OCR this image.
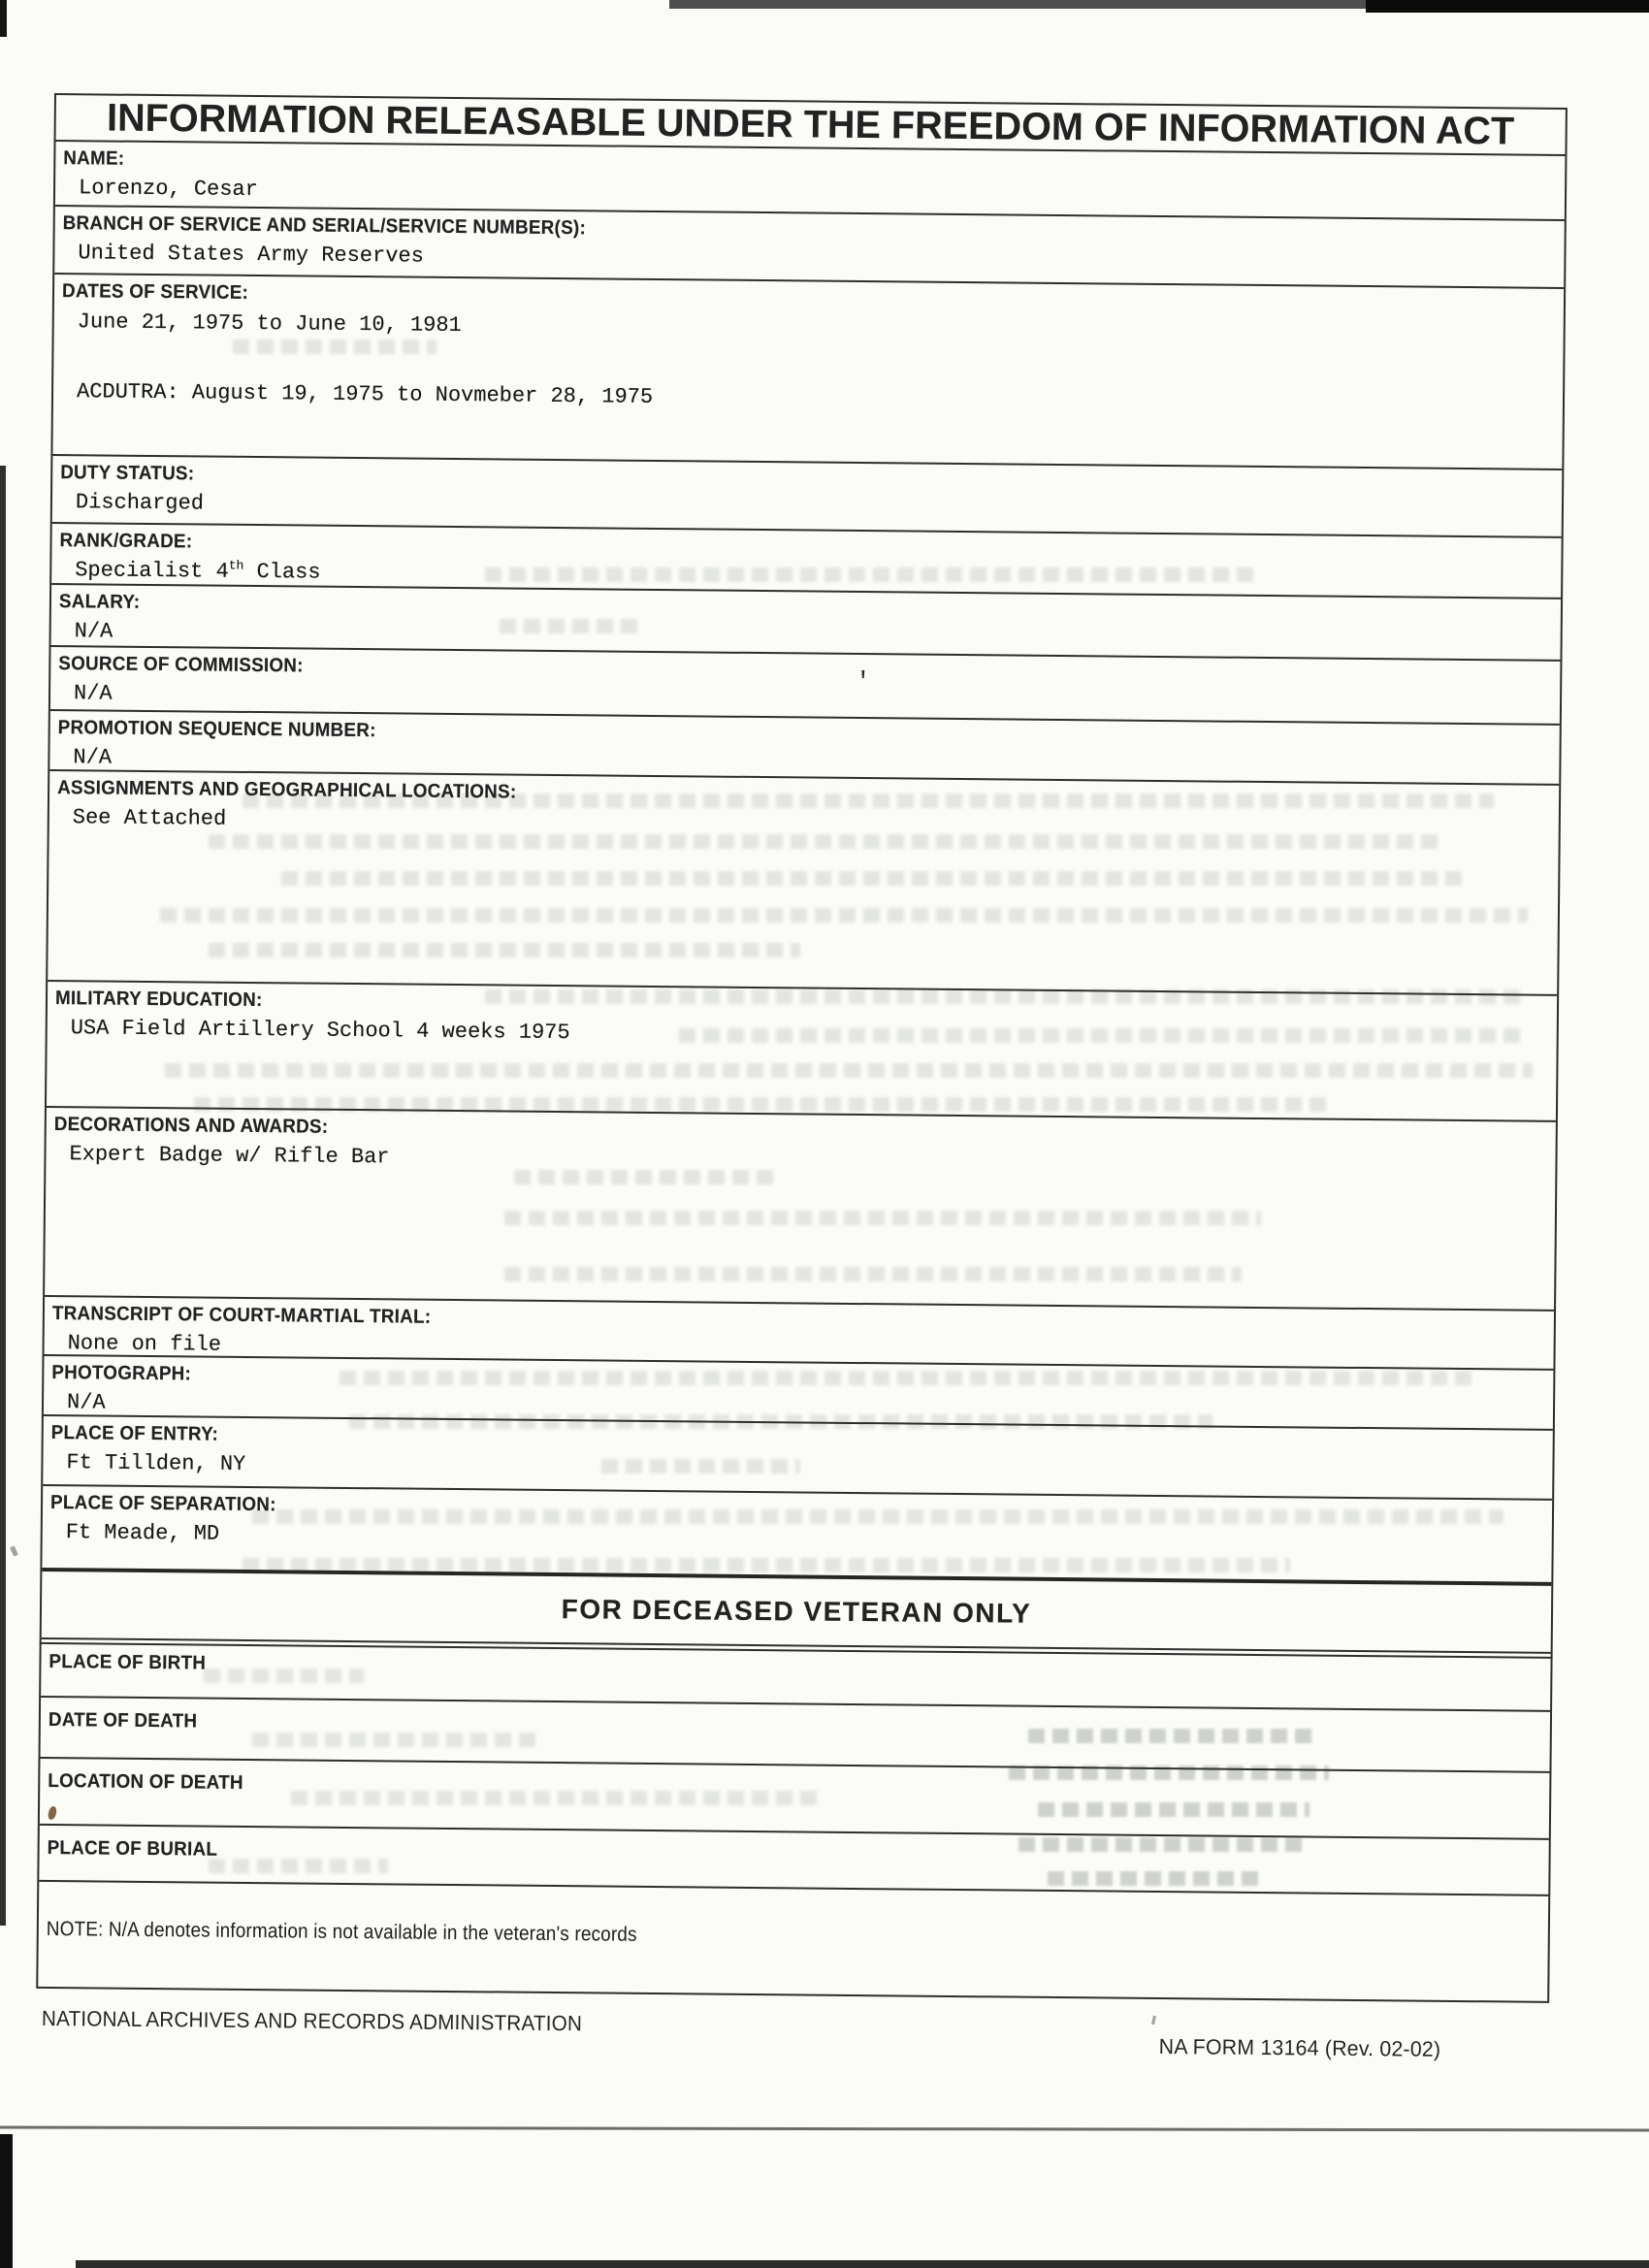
'
INFORMATION RELEASABLE UNDER THE FREEDOM OF INFORMATION ACT
NAME:
Lorenzo, Cesar
BRANCH OF SERVICE AND SERIAL/SERVICE NUMBER(S):
United States Army Reserves
DATES OF SERVICE:
June 21, 1975 to June 10, 1981

ACDUTRA: August 19, 1975 to Novmeber 28, 1975
DUTY STATUS:
Discharged
RANK/GRADE:
Specialist 4th Class
SALARY:
N/A
SOURCE OF COMMISSION:
N/A
PROMOTION SEQUENCE NUMBER:
N/A
ASSIGNMENTS AND GEOGRAPHICAL LOCATIONS:
See Attached
MILITARY EDUCATION:
USA Field Artillery School 4 weeks 1975
DECORATIONS AND AWARDS:
Expert Badge w/ Rifle Bar
TRANSCRIPT OF COURT-MARTIAL TRIAL:
None on file
PHOTOGRAPH:
N/A
PLACE OF ENTRY:
Ft Tillden, NY
PLACE OF SEPARATION:
Ft Meade, MD
FOR DECEASED VETERAN ONLY
PLACE OF BIRTH
DATE OF DEATH
LOCATION OF DEATH
PLACE OF BURIAL
NOTE: N/A denotes information is not available in the veteran's records
NATIONAL ARCHIVES AND RECORDS ADMINISTRATION
NA FORM 13164 (Rev. 02-02)
